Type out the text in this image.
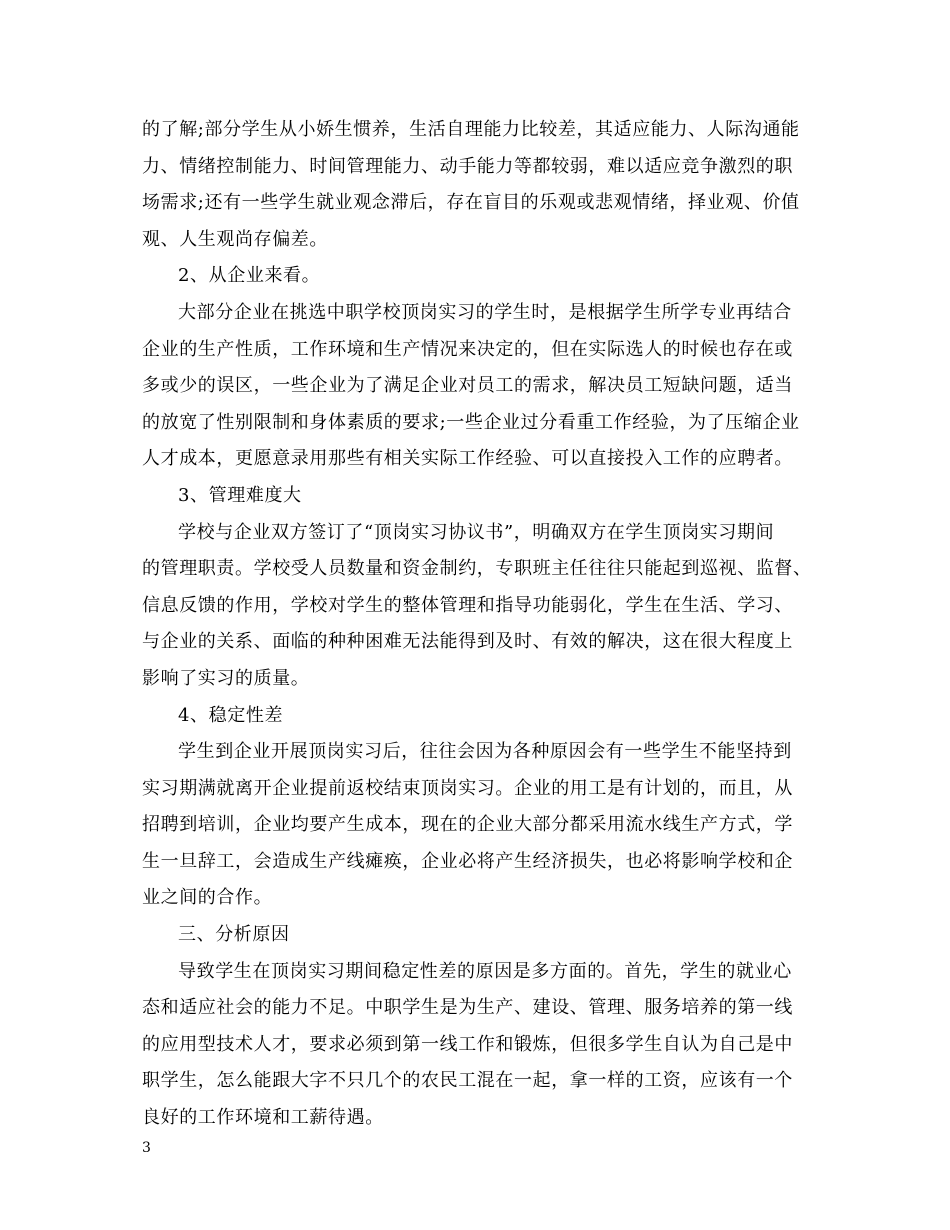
的了解;部分学生从小娇生惯养，生活自理能力比较差，其适应能力、人际沟通能
力、情绪控制能力、时间管理能力、动手能力等都较弱，难以适应竞争激烈的职
场需求;还有一些学生就业观念滞后，存在盲目的乐观或悲观情绪，择业观、价值
观、人生观尚存偏差。
2、从企业来看。
大部分企业在挑选中职学校顶岗实习的学生时，是根据学生所学专业再结合
企业的生产性质，工作环境和生产情况来决定的，但在实际选人的时候也存在或
多或少的误区，一些企业为了满足企业对员工的需求，解决员工短缺问题，适当
的放宽了性别限制和身体素质的要求;一些企业过分看重工作经验，为了压缩企业
人才成本，更愿意录用那些有相关实际工作经验、可以直接投入工作的应聘者。
3、管理难度大
学校与企业双方签订了“顶岗实习协议书”，明确双方在学生顶岗实习期间
的管理职责。学校受人员数量和资金制约，专职班主任往往只能起到巡视、监督、
信息反馈的作用，学校对学生的整体管理和指导功能弱化，学生在生活、学习、
与企业的关系、面临的种种困难无法能得到及时、有效的解决，这在很大程度上
影响了实习的质量。
4、稳定性差
学生到企业开展顶岗实习后，往往会因为各种原因会有一些学生不能坚持到
实习期满就离开企业提前返校结束顶岗实习。企业的用工是有计划的，而且，从
招聘到培训，企业均要产生成本，现在的企业大部分都采用流水线生产方式，学
生一旦辞工，会造成生产线瘫痪，企业必将产生经济损失，也必将影响学校和企
业之间的合作。
三、分析原因
导致学生在顶岗实习期间稳定性差的原因是多方面的。首先，学生的就业心
态和适应社会的能力不足。中职学生是为生产、建设、管理、服务培养的第一线
的应用型技术人才，要求必须到第一线工作和锻炼，但很多学生自认为自己是中
职学生，怎么能跟大字不只几个的农民工混在一起，拿一样的工资，应该有一个
良好的工作环境和工薪待遇。
3
